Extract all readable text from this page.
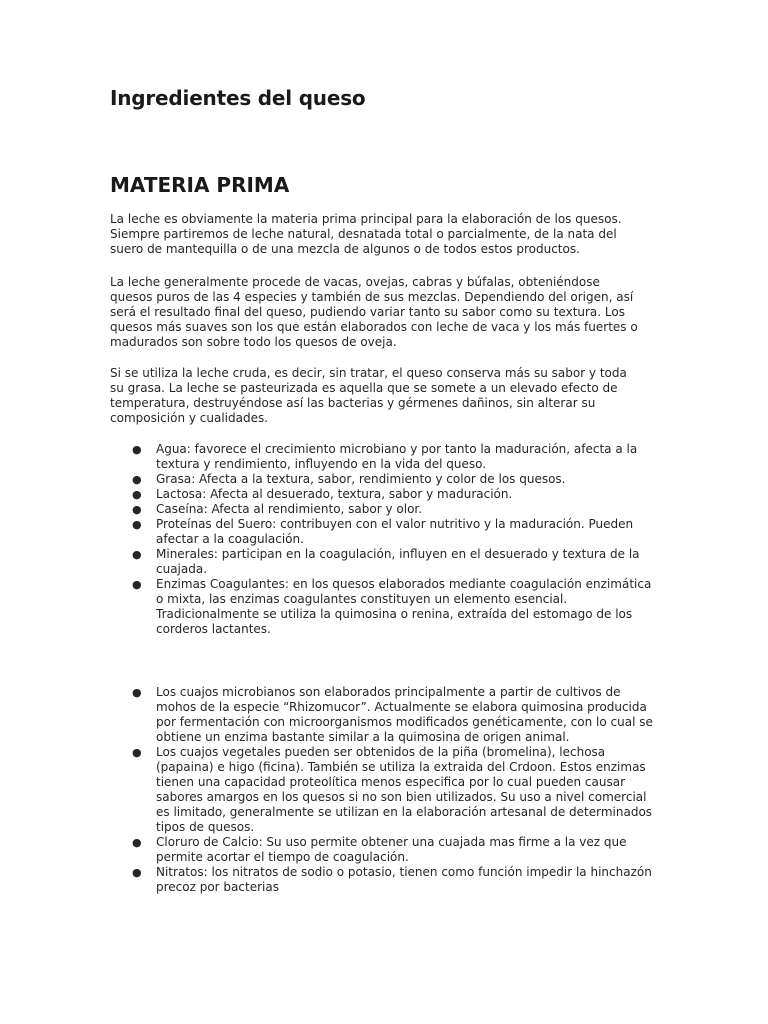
Ingredientes del queso
MATERIA PRIMA

La leche es obviamente la materia prima principal para la elaboración de los quesos. Siempre partiremos de leche natural, desnatada total o parcialmente, de la nata del suero de mantequilla o de una mezcla de algunos o de todos estos productos.

La leche generalmente procede de vacas, ovejas, cabras y búfalas, obteniéndose quesos puros de las 4 especies y también de sus mezclas. Dependiendo del origen, así será el resultado final del queso, pudiendo variar tanto su sabor como su textura. Los quesos más suaves son los que están elaborados con leche de vaca y los más fuertes o madurados son sobre todo los quesos de oveja.

Si se utiliza la leche cruda, es decir, sin tratar, el queso conserva más su sabor y toda su grasa. La leche se pasteurizada es aquella que se somete a un elevado efecto de temperatura, destruyéndose así las bacterias y gérmenes dañinos, sin alterar su composición y cualidades.

● Agua: favorece el crecimiento microbiano y por tanto la maduración, afecta a la textura y rendimiento, influyendo en la vida del queso.
● Grasa: Afecta a la textura, sabor, rendimiento y color de los quesos.
● Lactosa: Afecta al desuerado, textura, sabor y maduración.
● Caseína: Afecta al rendimiento, sabor y olor.
● Proteínas del Suero: contribuyen con el valor nutritivo y la maduración. Pueden afectar a la coagulación.
● Minerales: participan en la coagulación, influyen en el desuerado y textura de la cuajada.
● Enzimas Coagulantes: en los quesos elaborados mediante coagulación enzimática o mixta, las enzimas coagulantes constituyen un elemento esencial. Tradicionalmente se utiliza la quimosina o renina, extraída del estomago de los corderos lactantes.
● Los cuajos microbianos son elaborados principalmente a partir de cultivos de mohos de la especie “Rhizomucor”. Actualmente se elabora quimosina producida por fermentación con microorganismos modificados genéticamente, con lo cual se obtiene un enzima bastante similar a la quimosina de origen animal.
● Los cuajos vegetales pueden ser obtenidos de la piña (bromelina), lechosa (papaina) e higo (ficina). También se utiliza la extraida del Crdoon. Estos enzimas tienen una capacidad proteolítica menos especifica por lo cual pueden causar sabores amargos en los quesos si no son bien utilizados. Su uso a nivel comercial es limitado, generalmente se utilizan en la elaboración artesanal de determinados tipos de quesos.
● Cloruro de Calcio: Su uso permite obtener una cuajada mas firme a la vez que permite acortar el tiempo de coagulación.
● Nitratos: los nitratos de sodio o potasio, tienen como función impedir la hinchazón precoz por bacterias
